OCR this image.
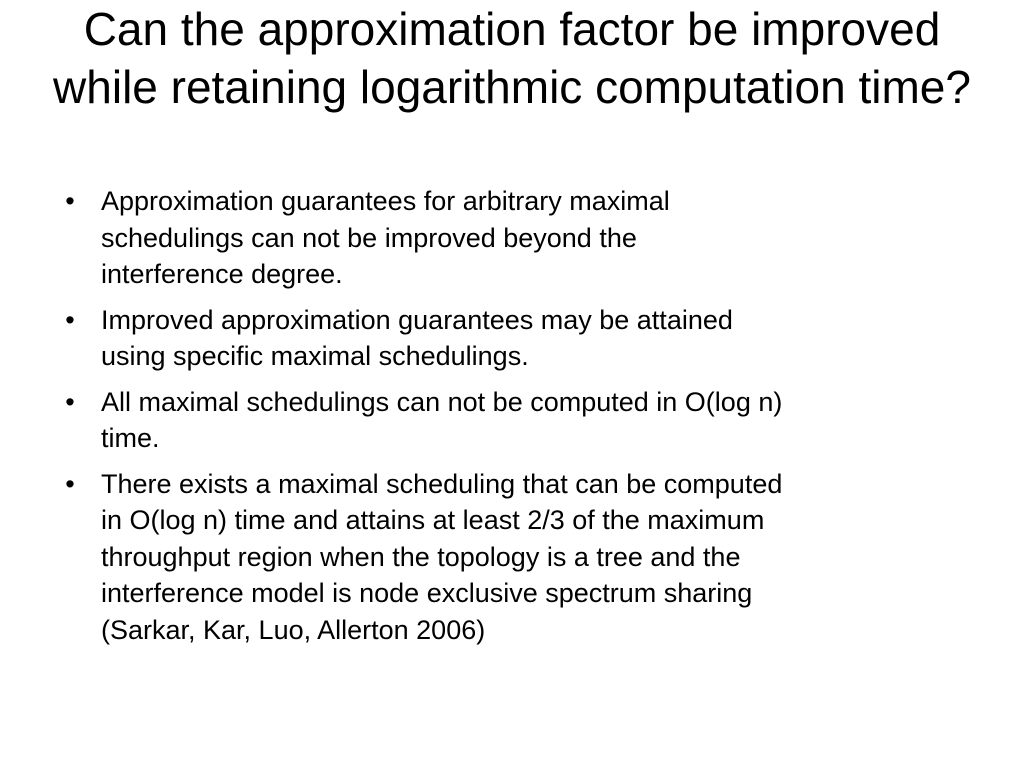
Can the approximation factor be improved while retaining logarithmic computation time?
• Approximation guarantees for arbitrary maximal
schedulings can not be improved beyond the
interference degree.
• Improved approximation guarantees may be attained
using specific maximal schedulings.
• All maximal schedulings can not be computed in O(log n)
time.
• There exists a maximal scheduling that can be computed
in O(log n) time and attains at least 2/3 of the maximum
throughput region when the topology is a tree and the
interference model is node exclusive spectrum sharing
(Sarkar, Kar, Luo, Allerton 2006)
